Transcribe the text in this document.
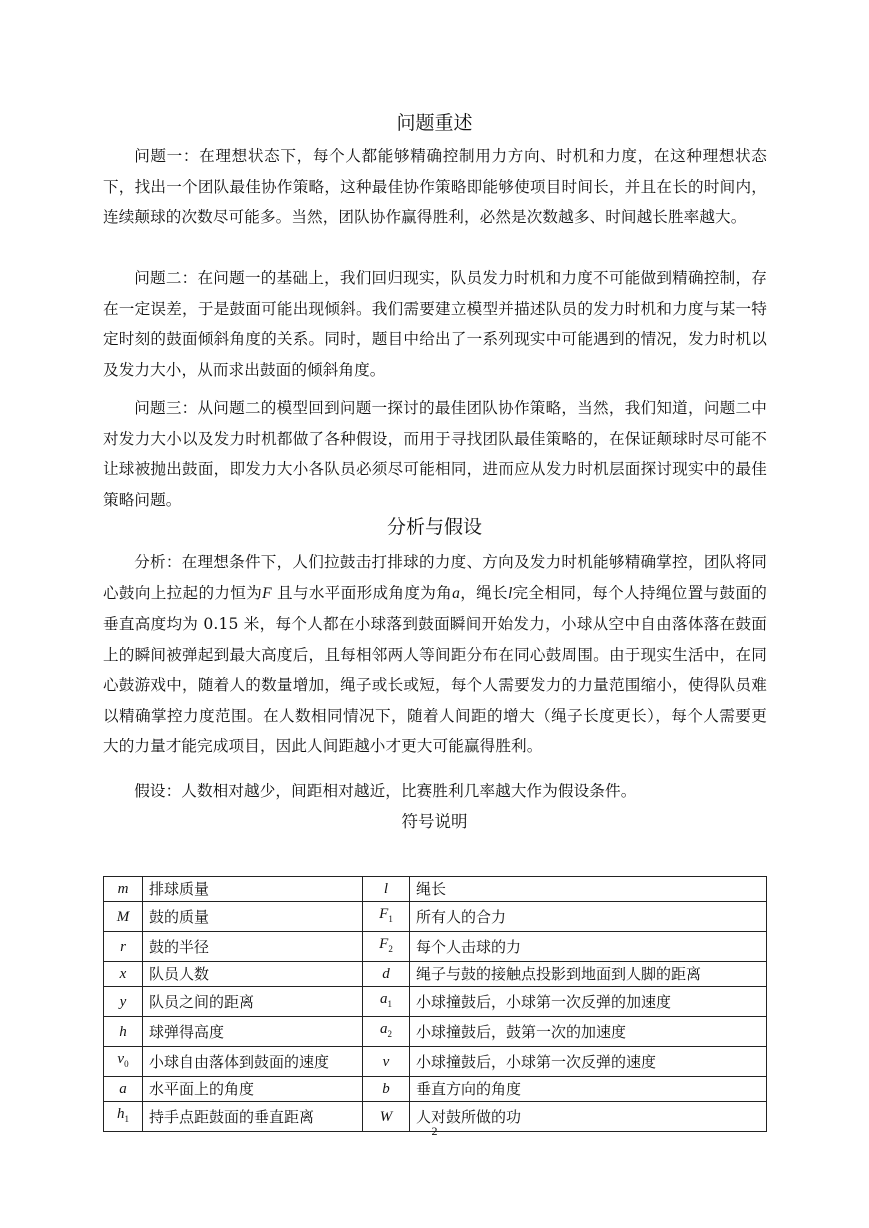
问题重述

问题一：在理想状态下，每个人都能够精确控制用力方向、时机和力度，在这种理想状态下，找出一个团队最佳协作策略，这种最佳协作策略即能够使项目时间长，并且在长的时间内，连续颠球的次数尽可能多。当然，团队协作赢得胜利，必然是次数越多、时间越长胜率越大。

问题二：在问题一的基础上，我们回归现实，队员发力时机和力度不可能做到精确控制，存在一定误差，于是鼓面可能出现倾斜。我们需要建立模型并描述队员的发力时机和力度与某一特定时刻的鼓面倾斜角度的关系。同时，题目中给出了一系列现实中可能遇到的情况，发力时机以及发力大小，从而求出鼓面的倾斜角度。

问题三：从问题二的模型回到问题一探讨的最佳团队协作策略，当然，我们知道，问题二中对发力大小以及发力时机都做了各种假设，而用于寻找团队最佳策略的，在保证颠球时尽可能不让球被抛出鼓面，即发力大小各队员必须尽可能相同，进而应从发力时机层面探讨现实中的最佳策略问题。

分析与假设

分析：在理想条件下，人们拉鼓击打排球的力度、方向及发力时机能够精确掌控，团队将同心鼓向上拉起的力恒为F 且与水平面形成角度为角a，绳长l完全相同，每个人持绳位置与鼓面的垂直高度均为 0.15 米，每个人都在小球落到鼓面瞬间开始发力，小球从空中自由落体落在鼓面上的瞬间被弹起到最大高度后，且每相邻两人等间距分布在同心鼓周围。由于现实生活中，在同心鼓游戏中，随着人的数量增加，绳子或长或短，每个人需要发力的力量范围缩小，使得队员难以精确掌控力度范围。在人数相同情况下，随着人间距的增大（绳子长度更长），每个人需要更大的力量才能完成项目，因此人间距越小才更大可能赢得胜利。

假设：人数相对越少，间距相对越近，比赛胜利几率越大作为假设条件。

符号说明
m	排球质量	l	绳长
M	鼓的质量	$F_1$	所有人的合力
r	鼓的半径	$F_2$	每个人击球的力
x	队员人数	d	绳子与鼓的接触点投影到地面到人脚的距离
y	队员之间的距离	$a_1$	小球撞鼓后，小球第一次反弹的加速度
h	球弹得高度	$a_2$	小球撞鼓后，鼓第一次的加速度
$v_0$	小球自由落体到鼓面的速度	v	小球撞鼓后，小球第一次反弹的速度
a	水平面上的角度	b	垂直方向的角度
$h_1$	持手点距鼓面的垂直距离	W	人对鼓所做的功
2
